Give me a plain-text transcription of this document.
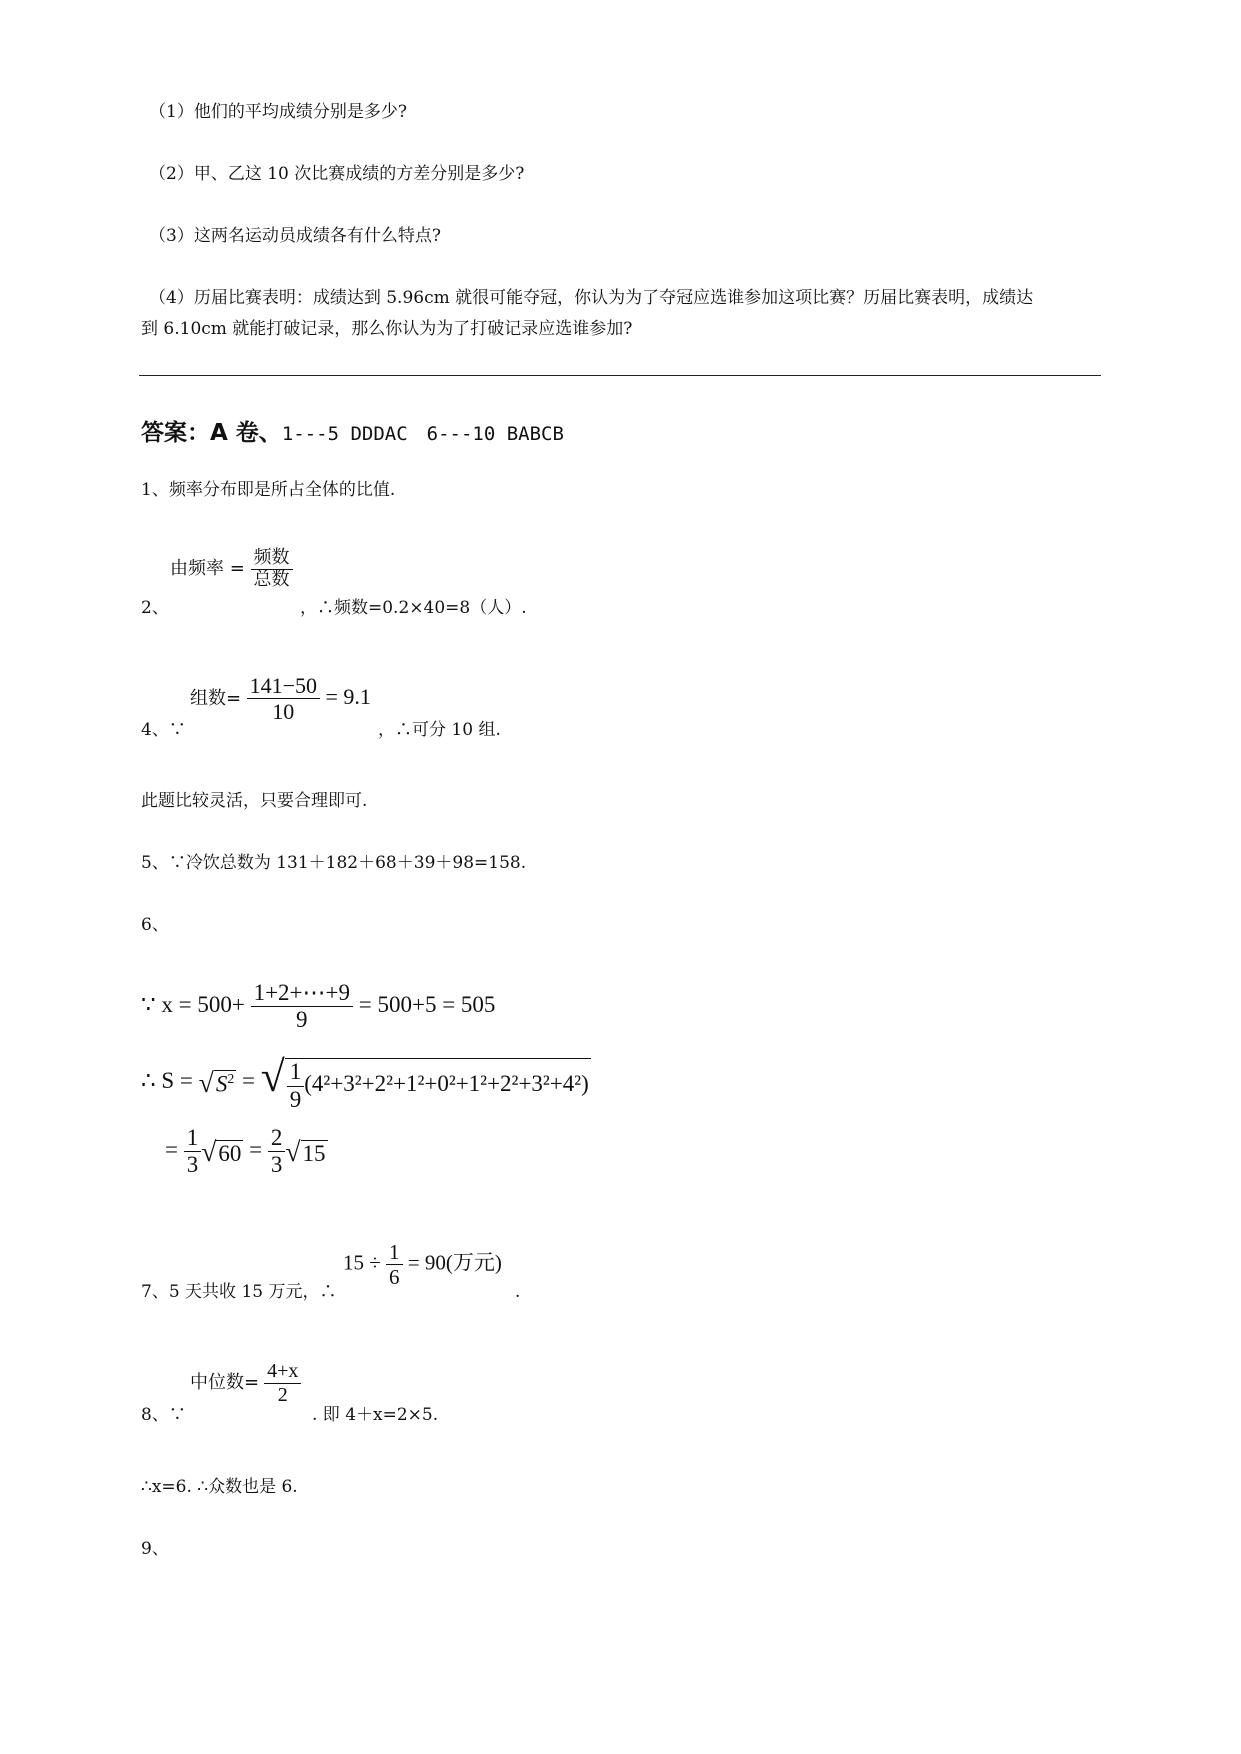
（1）他们的平均成绩分别是多少?
（2）甲、乙这 10 次比赛成绩的方差分别是多少?
（3）这两名运动员成绩各有什么特点?
（4）历届比赛表明：成绩达到 5.96cm 就很可能夺冠，你认为为了夺冠应选谁参加这项比赛？历届比赛表明，成绩达
到 6.10cm 就能打破记录，那么你认为为了打破记录应选谁参加?
答案：A 卷、1---5 DDDAC　6---10 BABCB
1、频率分布即是所占全体的比值.
2、
由频率 = $\frac{\text{频数}}{\text{总数}}$
，∴频数=0.2×40=8（人）.
4、∵
组数= $\frac{141-50}{10} = 9.1$
，∴可分 10 组.
此题比较灵活，只要合理即可.
5、∵冷饮总数为 131＋182＋68＋39＋98=158.
6、
∵ $x = 500+ \frac{1+2+\cdots+9}{9} = 500+5 = 505$
∴ $S = √S^2$ = √ $\frac{1}{9} (4^2+3^2+2^2+1^2+0^2+1^2+2^2+3^2+4^2)$
= $\frac{1}{3} √60 = \frac{2}{3} √15$
7、5 天共收 15 万元，∴
$15 \div \frac{1}{6} = 90$(万元)
.
8、∵
中位数= $\frac{4+x}{2}$
. 即 4＋x=2×5.
∴x=6. ∴众数也是 6.
9、
